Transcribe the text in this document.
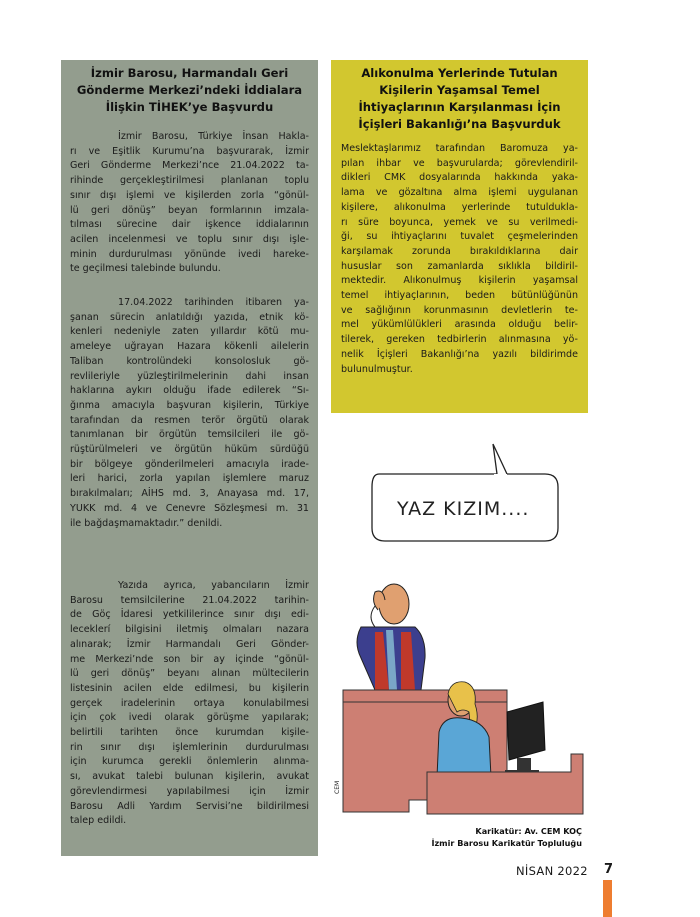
İzmir Barosu, Harmandalı Geri
Gönderme Merkezi’ndeki İddialara
İlişkin TİHEK’ye Başvurdu
İzmir Barosu, Türkiye İnsan Hakla-
rı ve Eşitlik Kurumu’na başvurarak, İzmir
Geri Gönderme Merkezi’nce 21.04.2022 ta-
rihinde gerçekleştirilmesi planlanan toplu
sınır dışı işlemi ve kişilerden zorla “gönül-
lü geri dönüş” beyan formlarının imzala-
tılması sürecine dair işkence iddialarının
acilen incelenmesi ve toplu sınır dışı işle-
minin durdurulması yönünde ivedi hareke-
te geçilmesi talebinde bulundu.
17.04.2022 tarihinden itibaren ya-
şanan sürecin anlatıldığı yazıda, etnik kö-
kenleri nedeniyle zaten yıllardır kötü mu-
ameleye uğrayan Hazara kökenli ailelerin
Taliban kontrolündeki konsolosluk gö-
revlileriyle yüzleştirilmelerinin dahi insan
haklarına aykırı olduğu ifade edilerek “Sı-
ğınma amacıyla başvuran kişilerin, Türkiye
tarafından da resmen terör örgütü olarak
tanımlanan bir örgütün temsilcileri ile gö-
rüştürülmeleri ve örgütün hüküm sürdüğü
bir bölgeye gönderilmeleri amacıyla irade-
leri harici, zorla yapılan işlemlere maruz
bırakılmaları; AİHS md. 3, Anayasa md. 17,
YUKK md. 4 ve Cenevre Sözleşmesi m. 31
ile bağdaşmamaktadır.” denildi.
Yazıda ayrıca, yabancıların İzmir
Barosu temsilcilerine 21.04.2022 tarihin-
de Göç İdaresi yetkililerince sınır dışı edi-
leceklerí bilgisini iletmiş olmaları nazara
alınarak; İzmir Harmandalı Geri Gönder-
me Merkezi’nde son bir ay içinde “gönül-
lü geri dönüş” beyanı alınan mültecilerin
listesinin acilen elde edilmesi, bu kişilerin
gerçek iradelerinin ortaya konulabilmesi
için çok ivedi olarak görüşme yapılarak;
belirtili tarihten önce kurumdan kişile-
rin sınır dışı işlemlerinin durdurulması
için kurumca gerekli önlemlerin alınma-
sı, avukat talebi bulunan kişilerin, avukat
görevlendirmesi yapılabilmesi için İzmir
Barosu Adli Yardım Servisi’ne bildirilmesi
talep edildi.
Alıkonulma Yerlerinde Tutulan
Kişilerin Yaşamsal Temel
İhtiyaçlarının Karşılanması İçin
İçişleri Bakanlığı’na Başvurduk
Meslektaşlarımız tarafından Baromuza ya-
pılan ihbar ve başvurularda; görevlendiril-
dikleri CMK dosyalarında hakkında yaka-
lama ve gözaltına alma işlemi uygulanan
kişilere, alıkonulma yerlerinde tutuldukla-
rı süre boyunca, yemek ve su verilmedi-
ği, su ihtiyaçlarını tuvalet çeşmelerinden
karşılamak zorunda bırakıldıklarına dair
hususlar son zamanlarda sıklıkla bildiril-
mektedir. Alıkonulmuş kişilerin yaşamsal
temel ihtiyaçlarının, beden bütünlüğünün
ve sağlığının korunmasının devletlerin te-
mel yükümlülükleri arasında olduğu belir-
tilerek, gereken tedbirlerin alınmasına yö-
nelik İçişleri Bakanlığı’na yazılı bildirimde
bulunulmuştur.
YAZ KIZIM....
CEM
Karikatür: Av. CEM KOÇ
İzmir Barosu Karikatür Topluluğu
NİSAN 2022 7
